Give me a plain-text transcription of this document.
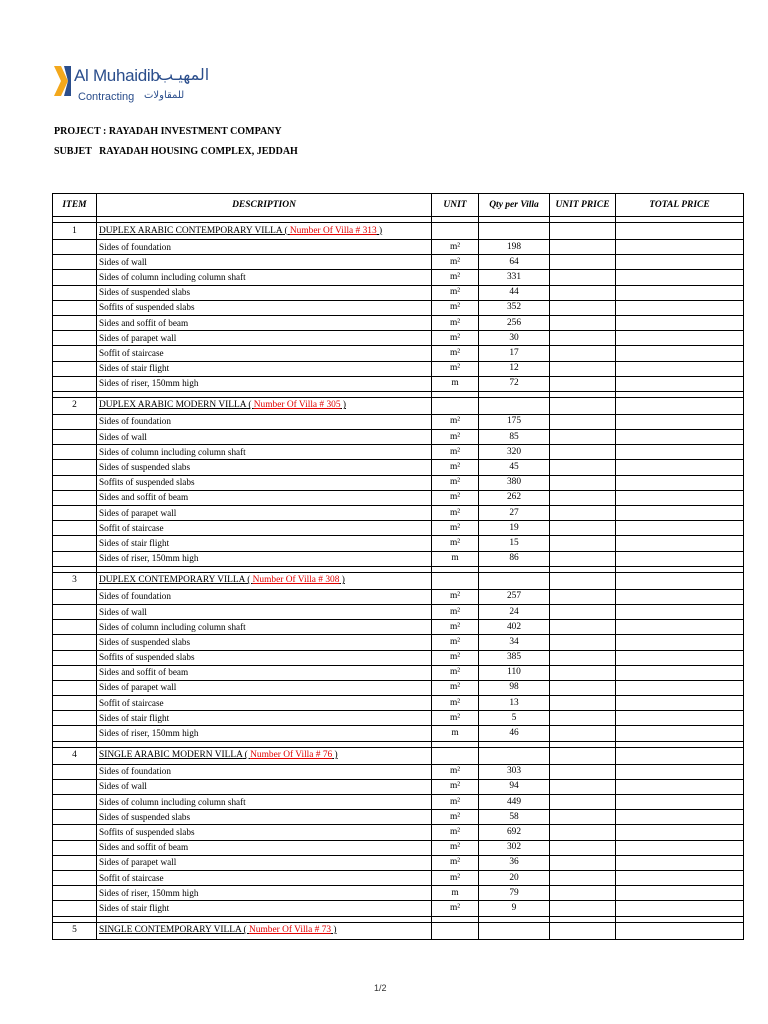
Al Muhaidib
المهيـب
Contracting للمقاولات
PROJECT : RAYADAH INVESTMENT COMPANY
SUBJET   RAYADAH HOUSING COMPLEX, JEDDAH
ITEM	DESCRIPTION	UNIT	Qty per Villa	UNIT PRICE	TOTAL PRICE

1	DUPLEX ARABIC CONTEMPORARY VILLA ( Number Of Villa # 313 )				
	Sides of foundation	m²	198		
	Sides of wall	m²	64		
	Sides of column including column shaft	m²	331		
	Sides of suspended slabs	m²	44		
	Soffits of suspended slabs	m²	352		
	Sides and soffit of beam	m²	256		
	Sides of parapet wall	m²	30		
	Soffit of staircase	m²	17		
	Sides of stair flight	m²	12		
	Sides of riser, 150mm high	m	72		

2	DUPLEX ARABIC MODERN VILLA ( Number Of Villa # 305 )				
	Sides of foundation	m²	175		
	Sides of wall	m²	85		
	Sides of column including column shaft	m²	320		
	Sides of suspended slabs	m²	45		
	Soffits of suspended slabs	m²	380		
	Sides and soffit of beam	m²	262		
	Sides of parapet wall	m²	27		
	Soffit of staircase	m²	19		
	Sides of stair flight	m²	15		
	Sides of riser, 150mm high	m	86		

3	DUPLEX CONTEMPORARY VILLA ( Number Of Villa # 308 )				
	Sides of foundation	m²	257		
	Sides of wall	m²	24		
	Sides of column including column shaft	m²	402		
	Sides of suspended slabs	m²	34		
	Soffits of suspended slabs	m²	385		
	Sides and soffit of beam	m²	110		
	Sides of parapet wall	m²	98		
	Soffit of staircase	m²	13		
	Sides of stair flight	m²	5		
	Sides of riser, 150mm high	m	46		

4	SINGLE ARABIC MODERN VILLA ( Number Of Villa # 76 )				
	Sides of foundation	m²	303		
	Sides of wall	m²	94		
	Sides of column including column shaft	m²	449		
	Sides of suspended slabs	m²	58		
	Soffits of suspended slabs	m²	692		
	Sides and soffit of beam	m²	302		
	Sides of parapet wall	m²	36		
	Soffit of staircase	m²	20		
	Sides of riser, 150mm high	m	79		
	Sides of stair flight	m²	9		

5	SINGLE CONTEMPORARY VILLA ( Number Of Villa # 73 )				
1/2
